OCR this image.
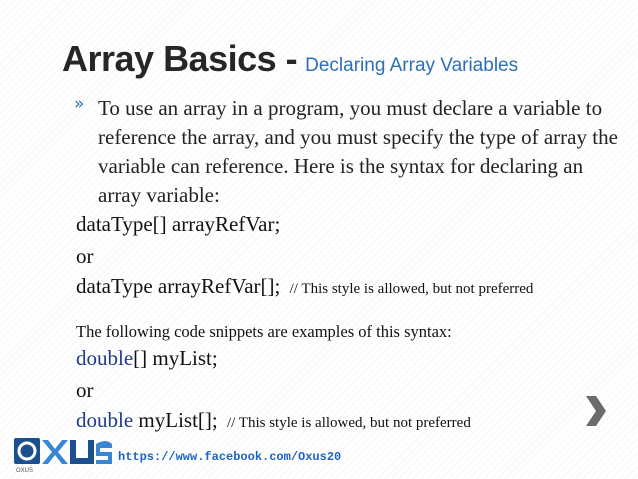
Array Basics - Declaring Array Variables
» To use an array in a program, you must declare a variable to reference the array, and you must specify the type of array the variable can reference. Here is the syntax for declaring an array variable:
dataType[] arrayRefVar;
or
dataType arrayRefVar[]; // This style is allowed, but not preferred
The following code snippets are examples of this syntax:
double[] myList;
or
double myList[]; // This style is allowed, but not preferred
OXUS
https://www.facebook.com/Oxus20
